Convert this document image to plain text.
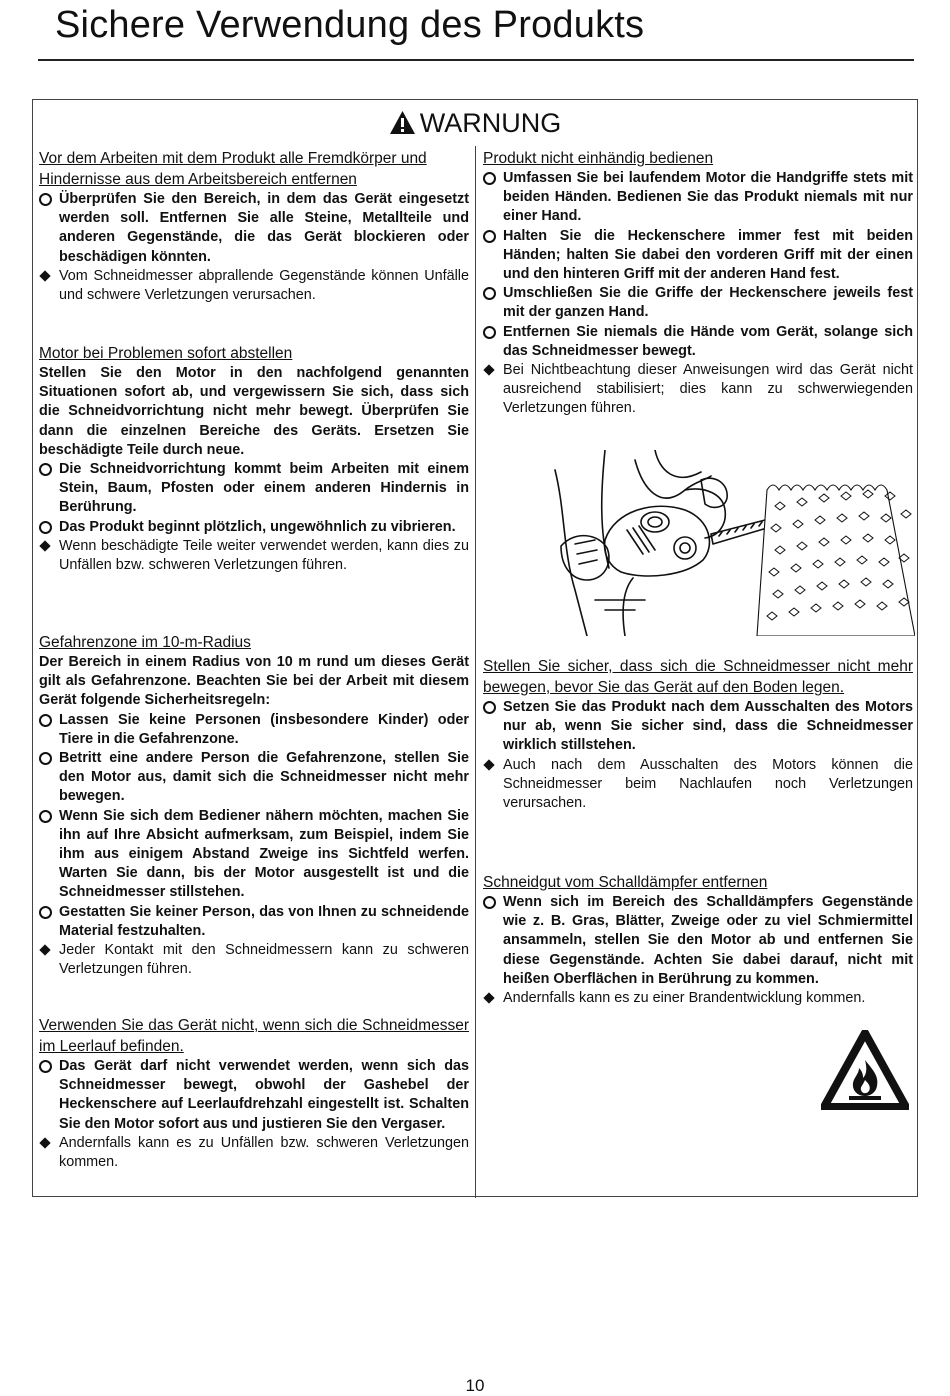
Sichere Verwendung des Produkts
WARNUNG
Vor dem Arbeiten mit dem Produkt alle Fremdkörper und Hindernisse aus dem Arbeitsbereich entfernen
Überprüfen Sie den Bereich, in dem das Gerät eingesetzt werden soll. Entfernen Sie alle Steine, Metallteile und anderen Gegenstände, die das Gerät blockieren oder beschädigen könnten.
Vom Schneidmesser abprallende Gegenstände können Unfälle und schwere Verletzungen verursachen.
Motor bei Problemen sofort abstellen

Stellen Sie den Motor in den nachfolgend genannten Situationen sofort ab, und vergewissern Sie sich, dass sich die Schneidvorrichtung nicht mehr bewegt. Überprüfen Sie dann die einzelnen Bereiche des Geräts. Ersetzen Sie beschädigte Teile durch neue.

Die Schneidvorrichtung kommt beim Arbeiten mit einem Stein, Baum, Pfosten oder einem anderen Hindernis in Berührung.
Das Produkt beginnt plötzlich, ungewöhnlich zu vibrieren.
Wenn beschädigte Teile weiter verwendet werden, kann dies zu Unfällen bzw. schweren Verletzungen führen.
Gefahrenzone im 10-m-Radius

Der Bereich in einem Radius von 10 m rund um dieses Gerät gilt als Gefahrenzone. Beachten Sie bei der Arbeit mit diesem Gerät folgende Sicherheitsregeln:

Lassen Sie keine Personen (insbesondere Kinder) oder Tiere in die Gefahrenzone.
Betritt eine andere Person die Gefahrenzone, stellen Sie den Motor aus, damit sich die Schneidmesser nicht mehr bewegen.
Wenn Sie sich dem Bediener nähern möchten, machen Sie ihn auf Ihre Absicht aufmerksam, zum Beispiel, indem Sie ihm aus einigem Abstand Zweige ins Sichtfeld werfen. Warten Sie dann, bis der Motor ausgestellt ist und die Schneidmesser stillstehen.
Gestatten Sie keiner Person, das von Ihnen zu schneidende Material festzuhalten.
Jeder Kontakt mit den Schneidmessern kann zu schweren Verletzungen führen.
Verwenden Sie das Gerät nicht, wenn sich die Schneidmesser im Leerlauf befinden.
Das Gerät darf nicht verwendet werden, wenn sich das Schneidmesser bewegt, obwohl der Gashebel der Heckenschere auf Leerlaufdrehzahl eingestellt ist. Schalten Sie den Motor sofort aus und justieren Sie den Vergaser.
Andernfalls kann es zu Unfällen bzw. schweren Verletzungen kommen.
Produkt nicht einhändig bedienen
Umfassen Sie bei laufendem Motor die Handgriffe stets mit beiden Händen. Bedienen Sie das Produkt niemals mit nur einer Hand.
Halten Sie die Heckenschere immer fest mit beiden Händen; halten Sie dabei den vorderen Griff mit der einen und den hinteren Griff mit der anderen Hand fest.
Umschließen Sie die Griffe der Heckenschere jeweils fest mit der ganzen Hand.
Entfernen Sie niemals die Hände vom Gerät, solange sich das Schneidmesser bewegt.
Bei Nichtbeachtung dieser Anweisungen wird das Gerät nicht ausreichend stabilisiert; dies kann zu schwerwiegenden Verletzungen führen.
Stellen Sie sicher, dass sich die Schneidmesser nicht mehr bewegen, bevor Sie das Gerät auf den Boden legen.
Setzen Sie das Produkt nach dem Ausschalten des Motors nur ab, wenn Sie sicher sind, dass die Schneidmesser wirklich stillstehen.
Auch nach dem Ausschalten des Motors können die Schneidmesser beim Nachlaufen noch Verletzungen verursachen.
Schneidgut vom Schalldämpfer entfernen
Wenn sich im Bereich des Schalldämpfers Gegenstände wie z. B. Gras, Blätter, Zweige oder zu viel Schmiermittel ansammeln, stellen Sie den Motor ab und entfernen Sie diese Gegenstände. Achten Sie dabei darauf, nicht mit heißen Oberflächen in Berührung zu kommen.
Andernfalls kann es zu einer Brandentwicklung kommen.
10
